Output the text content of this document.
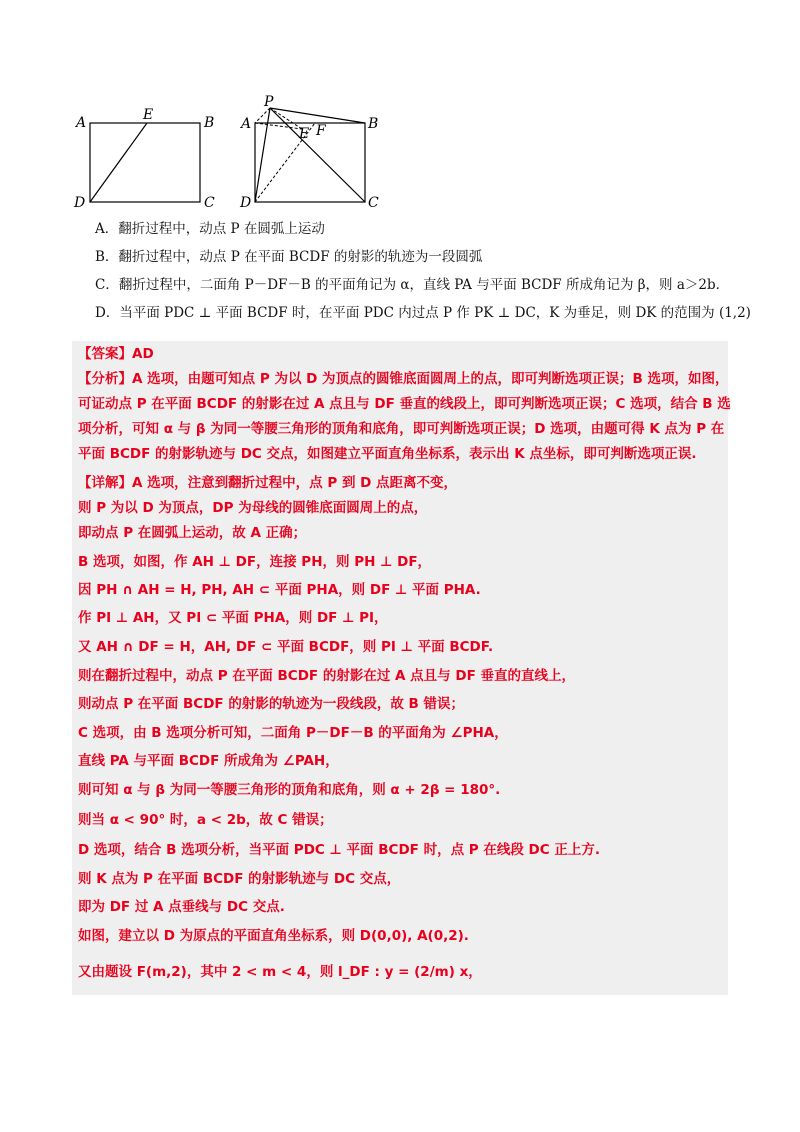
A	E	B
D	C
P
A
E F	B
D	C
A．翻折过程中，动点 P 在圆弧上运动
B．翻折过程中，动点 P 在平面 BCDF 的射影的轨迹为一段圆弧
C．翻折过程中，二面角 P－DF－B 的平面角记为 α，直线 PA 与平面 BCDF 所成角记为 β，则 a＞2b．
D．当平面 PDC ⊥ 平面 BCDF 时，在平面 PDC 内过点 P 作 PK ⊥ DC，K 为垂足，则 DK 的范围为 (1,2)
【答案】AD
【分析】A 选项，由题可知点 P 为以 D 为顶点的圆锥底面圆周上的点，即可判断选项正误；B 选项，如图，
可证动点 P 在平面 BCDF 的射影在过 A 点且与 DF 垂直的线段上，即可判断选项正误；C 选项，结合 B 选
项分析，可知 α 与 β 为同一等腰三角形的顶角和底角，即可判断选项正误；D 选项，由题可得 K 点为 P 在
平面 BCDF 的射影轨迹与 DC 交点，如图建立平面直角坐标系，表示出 K 点坐标，即可判断选项正误.
【详解】A 选项，注意到翻折过程中，点 P 到 D 点距离不变，
则 P 为以 D 为顶点，DP 为母线的圆锥底面圆周上的点，
即动点 P 在圆弧上运动，故 A 正确；
B 选项，如图，作 AH ⊥ DF，连接 PH，则 PH ⊥ DF，
因 PH ∩ AH = H, PH, AH ⊂ 平面 PHA，则 DF ⊥ 平面 PHA.
作 PI ⊥ AH，又 PI ⊂ 平面 PHA，则 DF ⊥ PI，
又 AH ∩ DF = H，AH, DF ⊂ 平面 BCDF，则 PI ⊥ 平面 BCDF.
则在翻折过程中，动点 P 在平面 BCDF 的射影在过 A 点且与 DF 垂直的直线上，
则动点 P 在平面 BCDF 的射影的轨迹为一段线段，故 B 错误；
C 选项，由 B 选项分析可知，二面角 P－DF－B 的平面角为 ∠PHA，
直线 PA 与平面 BCDF 所成角为 ∠PAH，
则可知 α 与 β 为同一等腰三角形的顶角和底角，则 α + 2β = 180°.
则当 α < 90° 时，a < 2b，故 C 错误；
D 选项，结合 B 选项分析，当平面 PDC ⊥ 平面 BCDF 时，点 P 在线段 DC 正上方.
则 K 点为 P 在平面 BCDF 的射影轨迹与 DC 交点，
即为 DF 过 A 点垂线与 DC 交点.
如图，建立以 D 为原点的平面直角坐标系，则 D(0,0), A(0,2).
又由题设 F(m,2)，其中 2 < m < 4，则 l_DF : y = (2/m) x，
